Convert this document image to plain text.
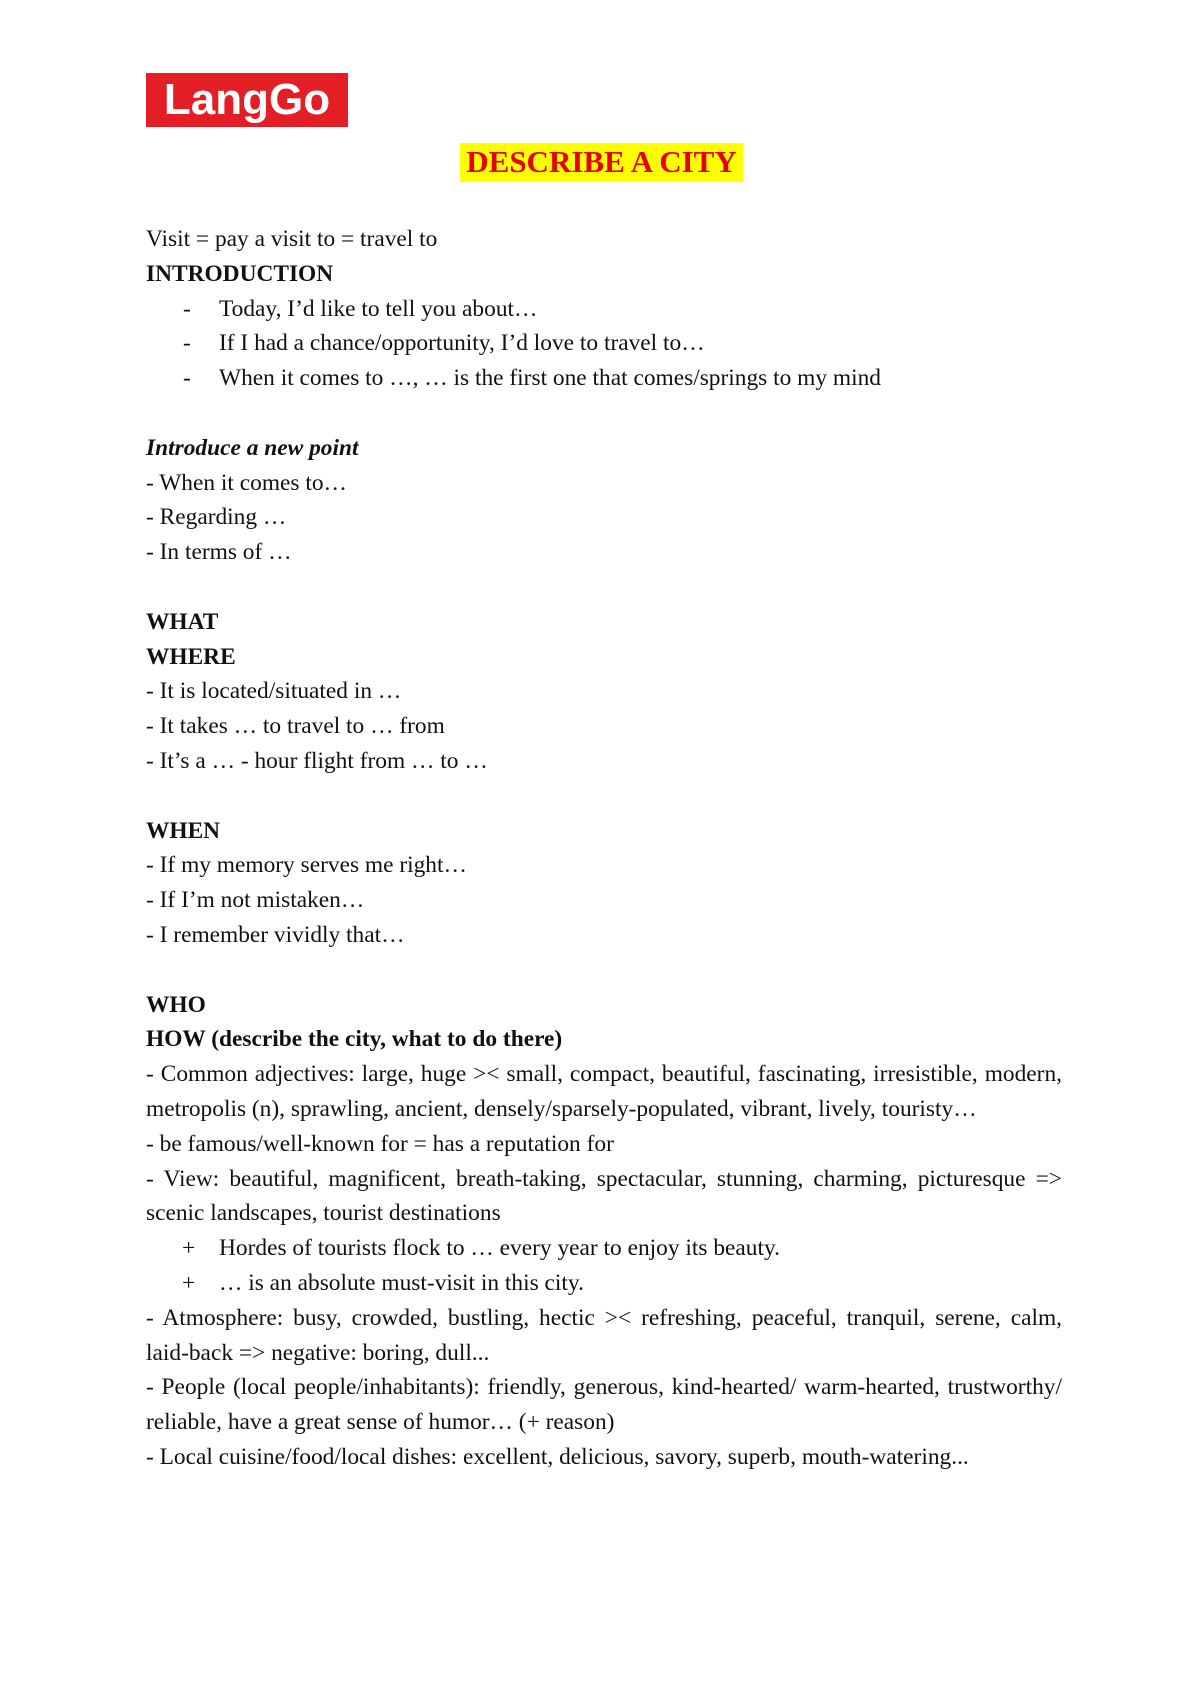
LangGo
DESCRIBE A CITY
Visit = pay a visit to = travel to
INTRODUCTION
- Today, I’d like to tell you about…
- If I had a chance/opportunity, I’d love to travel to…
- When it comes to …, … is the first one that comes/springs to my mind
Introduce a new point
- When it comes to…
- Regarding …
- In terms of …
WHAT
WHERE
- It is located/situated in …
- It takes … to travel to … from
- It’s a … - hour flight from … to …
WHEN
- If my memory serves me right…
- If I’m not mistaken…
- I remember vividly that…
WHO
HOW (describe the city, what to do there)
- Common adjectives: large, huge >< small, compact, beautiful, fascinating, irresistible, modern, metropolis (n), sprawling, ancient, densely/sparsely-populated, vibrant, lively, touristy…
- be famous/well-known for = has a reputation for
- View: beautiful, magnificent, breath-taking, spectacular, stunning, charming, picturesque => scenic landscapes, tourist destinations
+ Hordes of tourists flock to … every year to enjoy its beauty.
+ … is an absolute must-visit in this city.
- Atmosphere: busy, crowded, bustling, hectic >< refreshing, peaceful, tranquil, serene, calm, laid-back => negative: boring, dull...
- People (local people/inhabitants): friendly, generous, kind-hearted/ warm-hearted, trustworthy/ reliable, have a great sense of humor… (+ reason)
- Local cuisine/food/local dishes: excellent, delicious, savory, superb, mouth-watering...
